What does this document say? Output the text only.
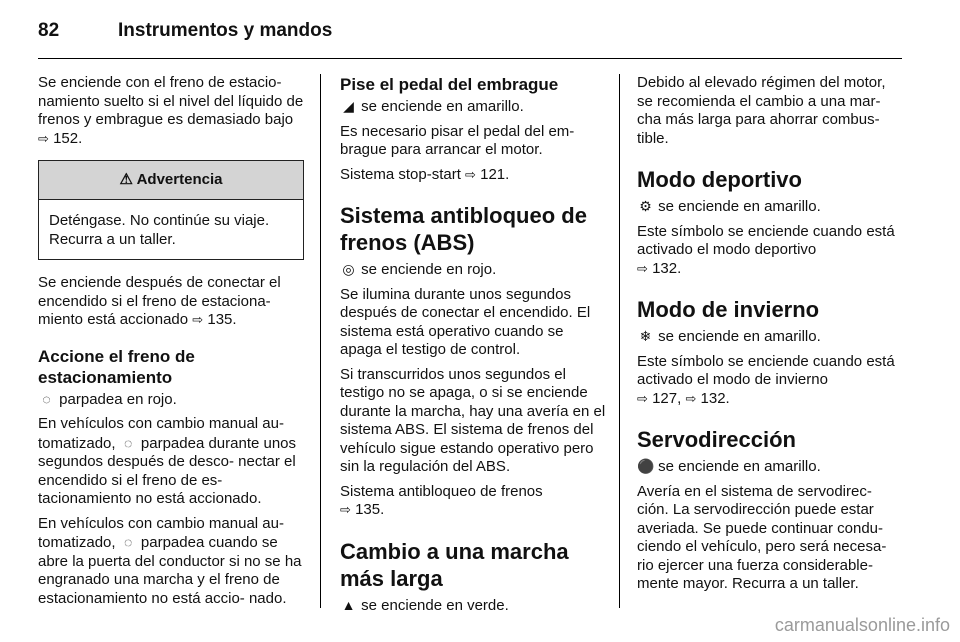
82	Instrumentos y mandos

Se enciende con el freno de estacio- namiento suelto si el nivel del líquido de frenos y embrague es demasiado bajo ⇨ 152.

⚠ Advertencia
Deténgase. No continúe su viaje. Recurra a un taller.

Se enciende después de conectar el encendido si el freno de estaciona- miento está accionado ⇨ 135.

Accione el freno de estacionamiento

◌ parpadea en rojo.

En vehículos con cambio manual au- tomatizado, ◌ parpadea durante unos segundos después de desco- nectar el encendido si el freno de es- tacionamiento no está accionado.

En vehículos con cambio manual au- tomatizado, ◌ parpadea cuando se abre la puerta del conductor si no se ha engranado una marcha y el freno de estacionamiento no está accio- nado.

Pise el pedal del embrague

◢ se enciende en amarillo.

Es necesario pisar el pedal del em- brague para arrancar el motor.

Sistema stop-start ⇨ 121.

Sistema antibloqueo de frenos (ABS)

◎ se enciende en rojo.

Se ilumina durante unos segundos después de conectar el encendido. El sistema está operativo cuando se apaga el testigo de control.

Si transcurridos unos segundos el testigo no se apaga, o si se enciende durante la marcha, hay una avería en el sistema ABS. El sistema de frenos del vehículo sigue estando operativo pero sin la regulación del ABS.

Sistema antibloqueo de frenos
⇨ 135.

Cambio a una marcha más larga

▲ se enciende en verde.

Debido al elevado régimen del motor, se recomienda el cambio a una mar- cha más larga para ahorrar combus- tible.

Modo deportivo

⚙ se enciende en amarillo.

Este símbolo se enciende cuando está activado el modo deportivo
⇨ 132.

Modo de invierno

❄ se enciende en amarillo.

Este símbolo se enciende cuando está activado el modo de invierno
⇨ 127, ⇨ 132.

Servodirección

⚫ se enciende en amarillo.

Avería en el sistema de servodirec- ción. La servodirección puede estar averiada. Se puede continuar condu- ciendo el vehículo, pero será necesa- rio ejercer una fuerza considerable- mente mayor. Recurra a un taller.

carmanualsonline.info
